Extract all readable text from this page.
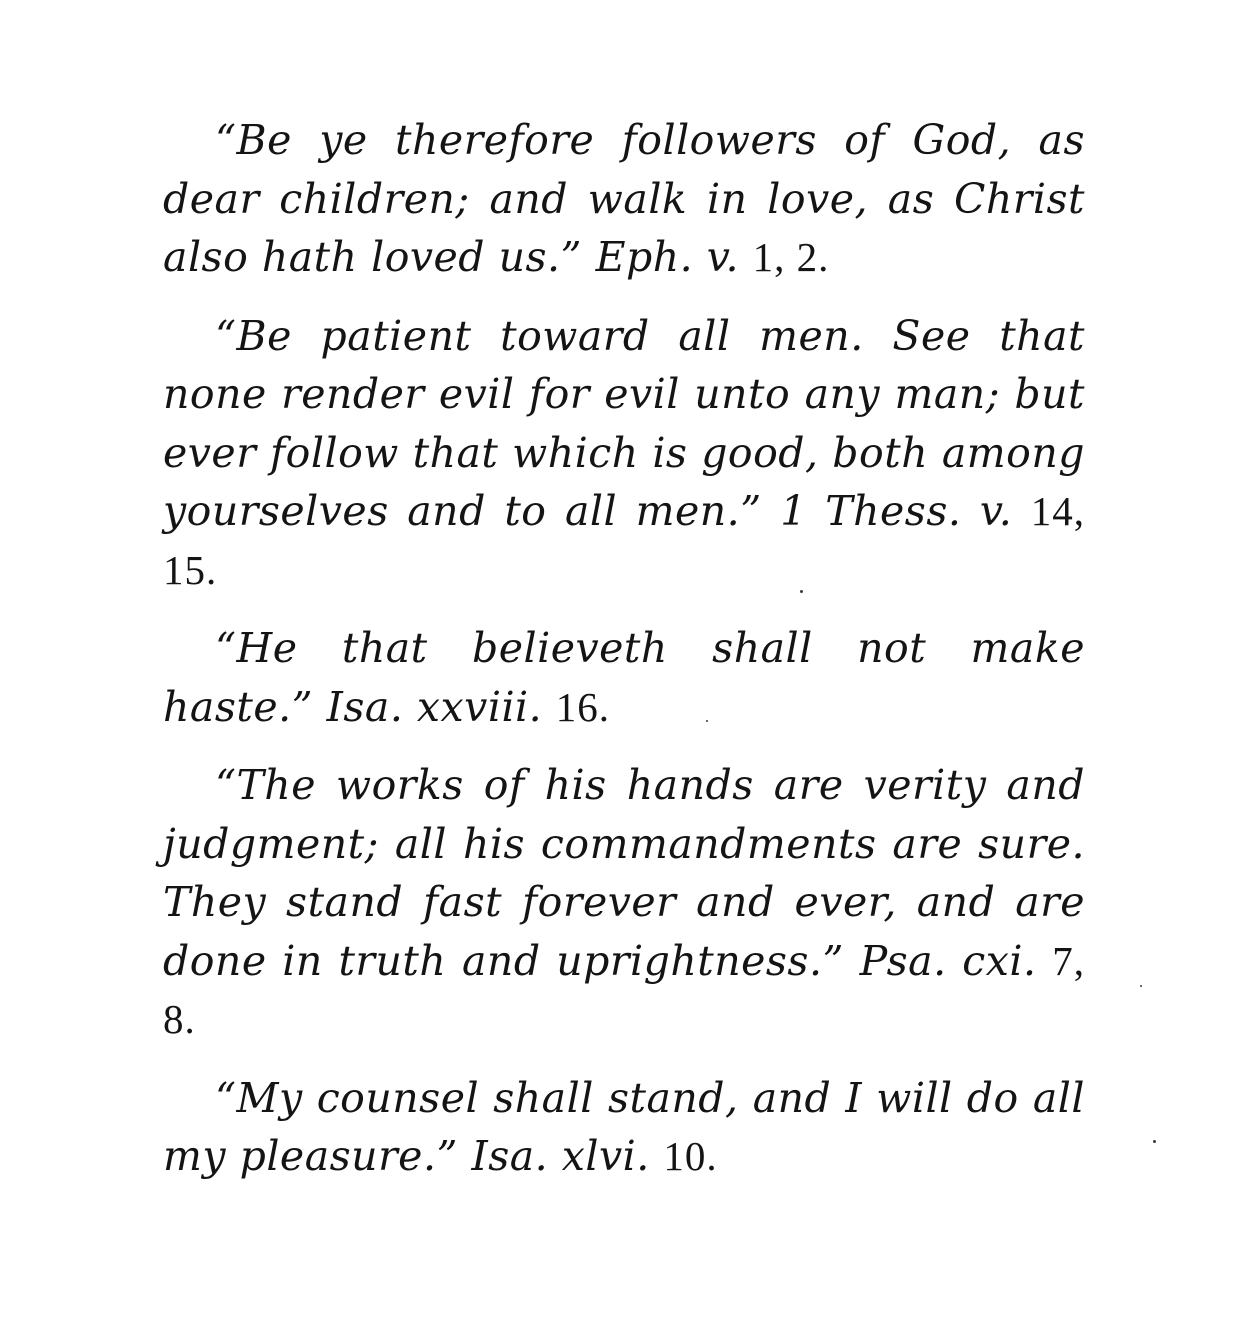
“Be ye therefore followers of God, as dear children; and walk in love, as Christ also hath loved us.” Eph. v. 1, 2.

“Be patient toward all men. See that none render evil for evil unto any man; but ever follow that which is good, both among yourselves and to all men.” 1 Thess. v. 14, 15.

“He that believeth shall not make haste.” Isa. xxviii. 16.

“The works of his hands are verity and judgment; all his commandments are sure. They stand fast forever and ever, and are done in truth and uprightness.” Psa. cxi. 7, 8.

“My counsel shall stand, and I will do all my pleasure.” Isa. xlvi. 10.
